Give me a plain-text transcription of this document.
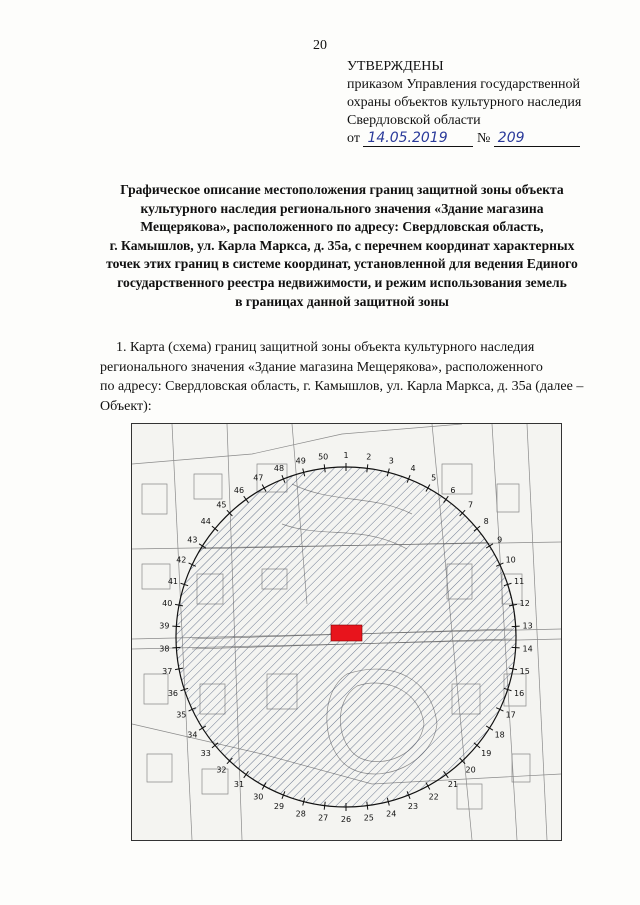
20
УТВЕРЖДЕНЫ
приказом Управления государственной
охраны объектов культурного наследия
Свердловской области
от 14.05.2019 № 209
Графическое описание местоположения границ защитной зоны объекта
культурного наследия регионального значения «Здание магазина
Мещерякова», расположенного по адресу: Свердловская область,
г. Камышлов, ул. Карла Маркса, д. 35а, с перечнем координат характерных
точек этих границ в системе координат, установленной для ведения Единого
государственного реестра недвижимости, и режим использования земель
в границах данной защитной зоны
1. Карта (схема) границ защитной зоны объекта культурного наследия
регионального значения «Здание магазина Мещерякова», расположенного
по адресу: Свердловская область, г. Камышлов, ул. Карла Маркса, д. 35а (далее –
Объект):
1 2 3
4
5
6
7
8
9
10
11
12
13
14
15
16
17
18
19
20
21
22
23
24
25
26
27
28
29
30
31
32
33
34
35
36
37
38
39
40
41
42
43
44
45
46
47
48
49 50
